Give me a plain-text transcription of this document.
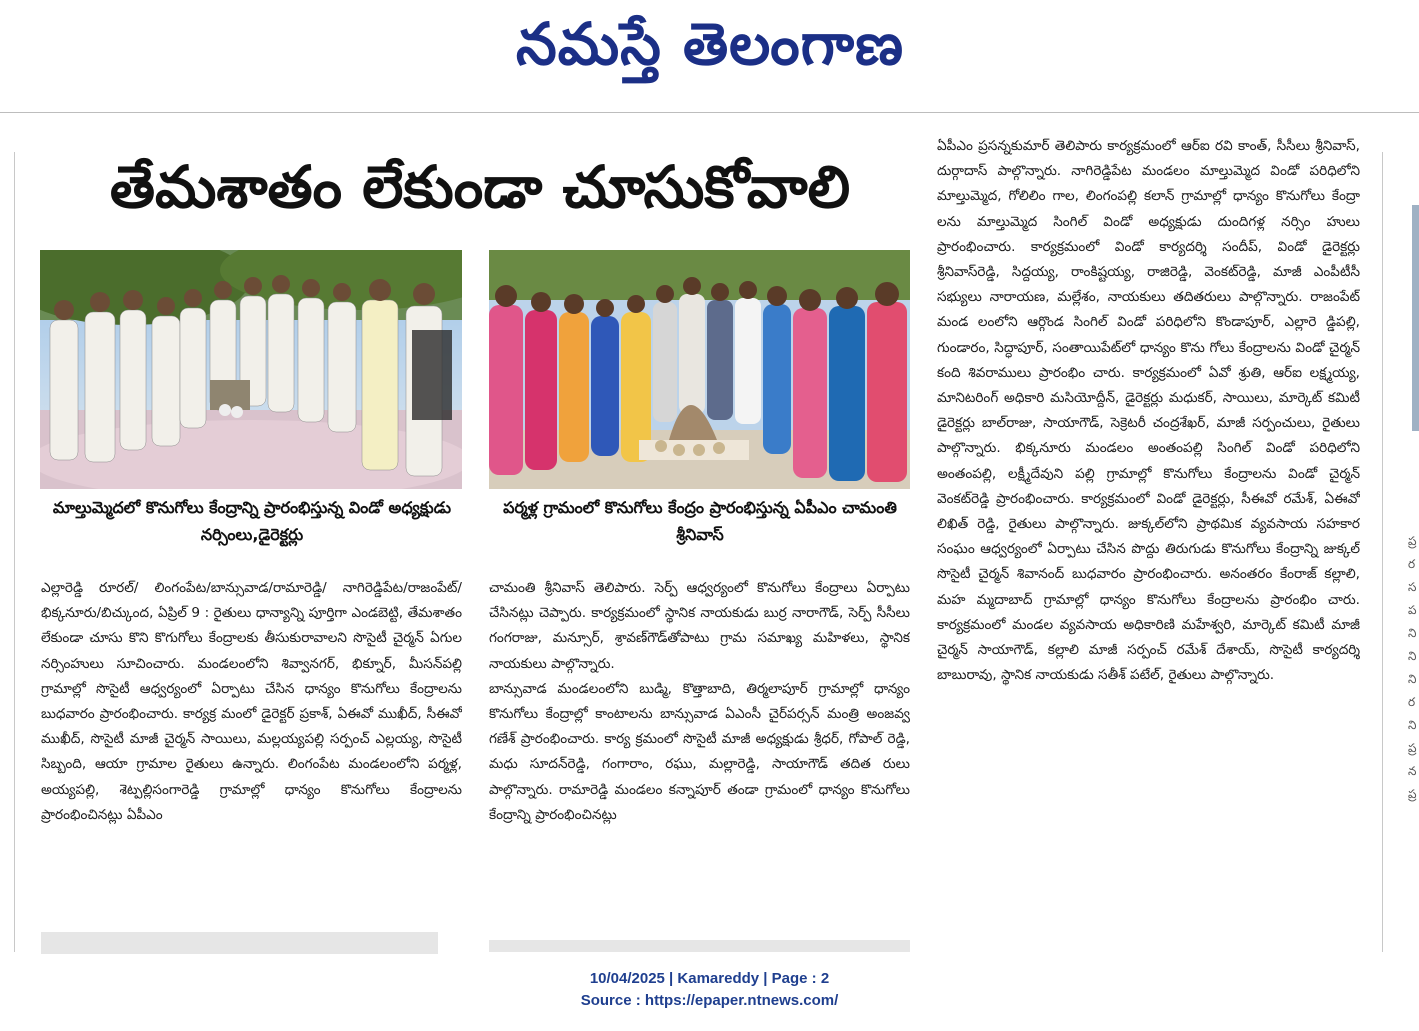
నమస్తే తెలంగాణ
తేమశాతం లేకుండా చూసుకోవాలి
మాల్తుమ్మెదలో కొనుగోలు కేంద్రాన్ని ప్రారంభిస్తున్న విండో అధ్యక్షుడు నర్సింలు,డైరెక్టర్లు
పర్మళ్ల గ్రామంలో కొనుగోలు కేంద్రం ప్రారంభిస్తున్న ఏపీఎం చామంతి శ్రీనివాస్

ఎల్లారెడ్డి రూరల్/ లింగంపేట/బాన్సువాడ/రామారెడ్డి/ నాగిరెడ్డిపేట/రాజంపేట్/భిక్కనూరు/బిచ్కుంద, ఏప్రిల్ 9 : రైతులు ధాన్యాన్ని పూర్తిగా ఎండబెట్టి, తేమశాతం లేకుండా చూసు కొని కొగుగోలు కేంద్రాలకు తీసుకురావాలని సొసైటీ చైర్మన్ ఏగుల నర్సింహులు సూచించారు. మండలంలోని శివ్వానగర్, భిక్నూర్, మీసన్‌పల్లి గ్రామాల్లో సొసైటీ ఆధ్వర్యంలో ఏర్పాటు చేసిన ధాన్యం కొనుగోలు కేంద్రాలను బుధవారం ప్రారంభించారు. కార్యక్ర మంలో డైరెక్టర్ ప్రకాశ్, ఏఈవో ముఖీద్, సీఈవో ముఖీద్, సొసైటీ మాజీ చైర్మన్ సాయిలు, మల్లయ్యపల్లి సర్పంచ్ ఎల్లయ్య, సొసైటీ సిబ్బంది, ఆయా గ్రామాల రైతులు ఉన్నారు. లింగంపేట మండలంలోని పర్మళ్ల, అయ్యపల్లి, శెట్పల్లిసంగారెడ్డి గ్రామాల్లో ధాన్యం కొనుగోలు కేంద్రాలను ప్రారంభించినట్లు ఏపీఎం

చామంతి శ్రీనివాస్ తెలిపారు. సెర్ప్ ఆధ్వర్యంలో కొనుగోలు కేంద్రాలు ఏర్పాటు చేసినట్లు చెప్పారు. కార్యక్రమంలో స్థానిక నాయకుడు బుర్ర నారాగౌడ్, సెర్ప్ సీసీలు గంగరాజు, మన్సూర్, శ్రావణ్‌గౌడ్‌తోపాటు గ్రామ సమాఖ్య మహిళలు, స్థానిక నాయకులు పాల్గొన్నారు.

బాన్సువాడ మండలంలోని బుడ్మి, కొత్తాబాది, తిర్మలాపూర్ గ్రామాల్లో ధాన్యం కొనుగోలు కేంద్రాల్లో కాంటాలను బాన్సువాడ ఏఎంసీ చైర్‌పర్సన్ మంత్రి అంజవ్వ గణేశ్ ప్రారంభించారు. కార్య క్రమంలో సొసైటీ మాజీ అధ్యక్షుడు శ్రీధర్, గోపాల్ రెడ్డి, మధు సూదన్‌రెడ్డి, గంగారాం, రఘు, మల్లారెడ్డి, సాయాగౌడ్ తదిత రులు పాల్గొన్నారు. రామారెడ్డి మండలం కన్నాపూర్ తండా గ్రామంలో ధాన్యం కొనుగోలు కేంద్రాన్ని ప్రారంభించినట్లు

ఏపీఎం ప్రసన్నకుమార్ తెలిపారు కార్యక్రమంలో ఆర్ఐ రవి కాంత్, సీసీలు శ్రీనివాస్, దుర్గాదాస్ పాల్గొన్నారు. నాగిరెడ్డిపేట మండలం మాల్తుమ్మెద విండో పరిధిలోని మాల్తుమ్మెద, గోలిలిం గాల, లింగంపల్లి కలాన్ గ్రామాల్లో ధాన్యం కొనుగోలు కేంద్రా లను మాల్తుమ్మెద సింగిల్ విండో అధ్యక్షుడు దుందిగళ్ల నర్సిం హులు ప్రారంభించారు. కార్యక్రమంలో విండో కార్యదర్శి సందీప్, విండో డైరెక్టర్లు శ్రీనివాస్‌రెడ్డి, సిద్దయ్య, రాంకిష్టయ్య, రాజిరెడ్డి, వెంకట్‌రెడ్డి, మాజీ ఎంపీటీసీ సభ్యులు నారాయణ, మల్లేశం, నాయకులు తదితరులు పాల్గొన్నారు. రాజంపేట్ మండ లంలోని ఆర్గొండ సింగిల్ విండో పరిధిలోని కొండాపూర్, ఎల్లారె డ్డిపల్లి, గుండారం, సిద్ధాపూర్, సంతాయిపేట్‌లో ధాన్యం కొను గోలు కేంద్రాలను విండో చైర్మన్ కంది శివరాములు ప్రారంభిం చారు. కార్యక్రమంలో ఏవో శ్రుతి, ఆర్ఐ లక్ష్మయ్య, మానిటరింగ్ అధికారి మసియోద్దీన్, డైరెక్టర్లు మధుకర్, సాయిలు, మార్కెట్ కమిటీ డైరెక్టర్లు బాల్‌రాజు, సాయాగౌడ్, సెక్రెటరీ చంద్రశేఖర్, మాజీ సర్పంచులు, రైతులు పాల్గొన్నారు. భిక్కనూరు మండలం అంతంపల్లి సింగిల్ విండో పరిధిలోని అంతంపల్లి, లక్ష్మీదేవుని పల్లి గ్రామాల్లో కొనుగోలు కేంద్రాలను విండో చైర్మన్ వెంకట్‌రెడ్డి ప్రారంభించారు. కార్యక్రమంలో విండో డైరెక్టర్లు, సీఈవో రమేశ్, ఏఈవో లిఖిత్ రెడ్డి, రైతులు పాల్గొన్నారు. జుక్కల్‌లోని ప్రాథమిక వ్యవసాయ సహకార సంఘం ఆధ్వర్యంలో ఏర్పాటు చేసిన పొద్దు తిరుగుడు కొనుగోలు కేంద్రాన్ని జుక్కల్ సొసైటీ చైర్మన్ శివానంద్ బుధవారం ప్రారంభించారు. అనంతరం కేంరాజ్ కల్లాలి, మహ మ్మదాబాద్ గ్రామాల్లో ధాన్యం కొనుగోలు కేంద్రాలను ప్రారంభిం చారు. కార్యక్రమంలో మండల వ్యవసాయ అధికారిణి మహేశ్వరి, మార్కెట్ కమిటీ మాజీ చైర్మన్ సాయాగౌడ్, కల్లాలి మాజీ సర్పంచ్ రమేశ్ దేశాయ్, సొసైటీ కార్యదర్శి బాబురావు, స్థానిక నాయకుడు సతీశ్ పటేల్, రైతులు పాల్గొన్నారు.

ప్ర
ర
స
ప
ని
ని
ని
ర
ని
ప్ర
న
ప్ర
10/04/2025 | Kamareddy | Page : 2
Source : https://epaper.ntnews.com/
